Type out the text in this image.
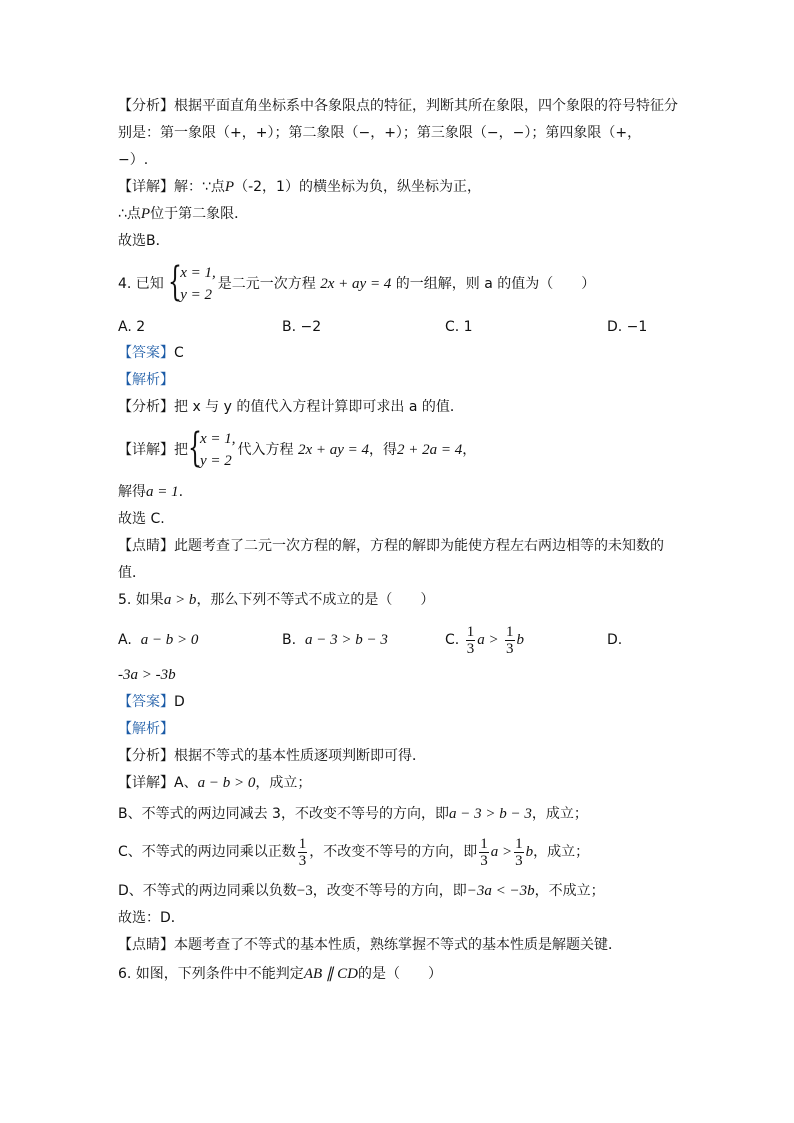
【分析】根据平面直角坐标系中各象限点的特征，判断其所在象限，四个象限的符号特征分
别是：第一象限（+，+）；第二象限（−，+）；第三象限（−，−）；第四象限（+，
−）.
【详解】解：∵点P（-2，1）的横坐标为负，纵坐标为正，
∴点P位于第二象限．
故选B．
4. 已知 {
x = 1,
y = 2
是二元一次方程 2x + ay = 4 的一组解，则 a 的值为（　　）
A. 2	B. −2	C. 1	D. −1
【答案】C
【解析】
【分析】把 x 与 y 的值代入方程计算即可求出 a 的值．
【详解】把 {
x = 1,
y = 2
代入方程 2x + ay = 4，得2 + 2a = 4，
解得a = 1.
故选 C.
【点睛】此题考查了二元一次方程的解，方程的解即为能使方程左右两边相等的未知数的
值．
5. 如果a > b，那么下列不等式不成立的是（　　）
A. a − b > 0	B. a − 3 > b − 3	C. $\frac{1}{3}$ $a > \frac{1}{3}$ b	D.
-3a > -3b
【答案】D
【解析】
【分析】根据不等式的基本性质逐项判断即可得．
【详解】A、a − b > 0，成立；
B、不等式的两边同减去 3，不改变不等号的方向，即a − 3 > b − 3，成立；
C、不等式的两边同乘以正数 $\frac{1}{3}$ ，不改变不等号的方向，即 $\frac{1}{3}$ $a > \frac{1}{3}$ b，成立；
D、不等式的两边同乘以负数−3，改变不等号的方向，即−3a < −3b，不成立；
故选：D．
【点睛】本题考查了不等式的基本性质，熟练掌握不等式的基本性质是解题关键．
6. 如图，下列条件中不能判定AB ∥ CD的是（　　）
